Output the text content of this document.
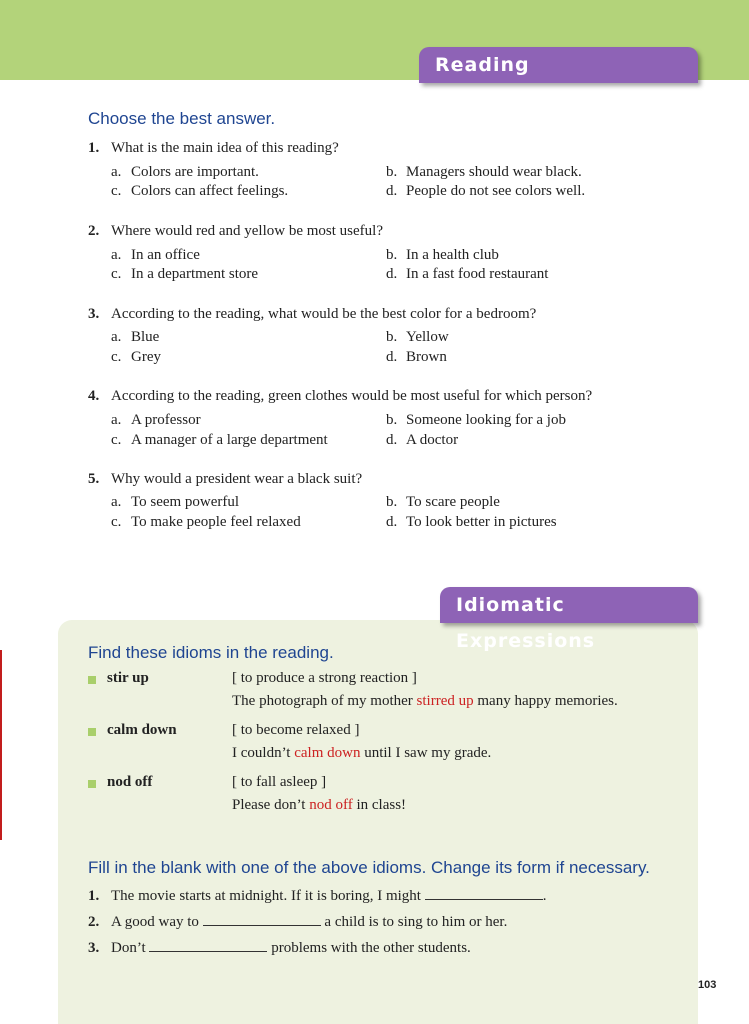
Reading Comprehension
Choose the best answer.
1. What is the main idea of this reading?
a. Colors are important.	b. Managers should wear black.
c. Colors can affect feelings.	d. People do not see colors well.
2. Where would red and yellow be most useful?
a. In an office	b. In a health club
c. In a department store	d. In a fast food restaurant
3. According to the reading, what would be the best color for a bedroom?
a. Blue	b. Yellow
c. Grey	d. Brown
4. According to the reading, green clothes would be most useful for which person?
a. A professor	b. Someone looking for a job
c. A manager of a large department	d. A doctor
5. Why would a president wear a black suit?
a. To seem powerful	b. To scare people
c. To make people feel relaxed	d. To look better in pictures
Idiomatic Expressions
Find these idioms in the reading.
stir up	[ to produce a strong reaction ]
The photograph of my mother stirred up many happy memories.
calm down	[ to become relaxed ]
I couldn’t calm down until I saw my grade.
nod off	[ to fall asleep ]
Please don’t nod off in class!
Fill in the blank with one of the above idioms. Change its form if necessary.
1. The movie starts at midnight. If it is boring, I might	.
2. A good way to	a child is to sing to him or her.
3. Don’t	problems with the other students.
103
